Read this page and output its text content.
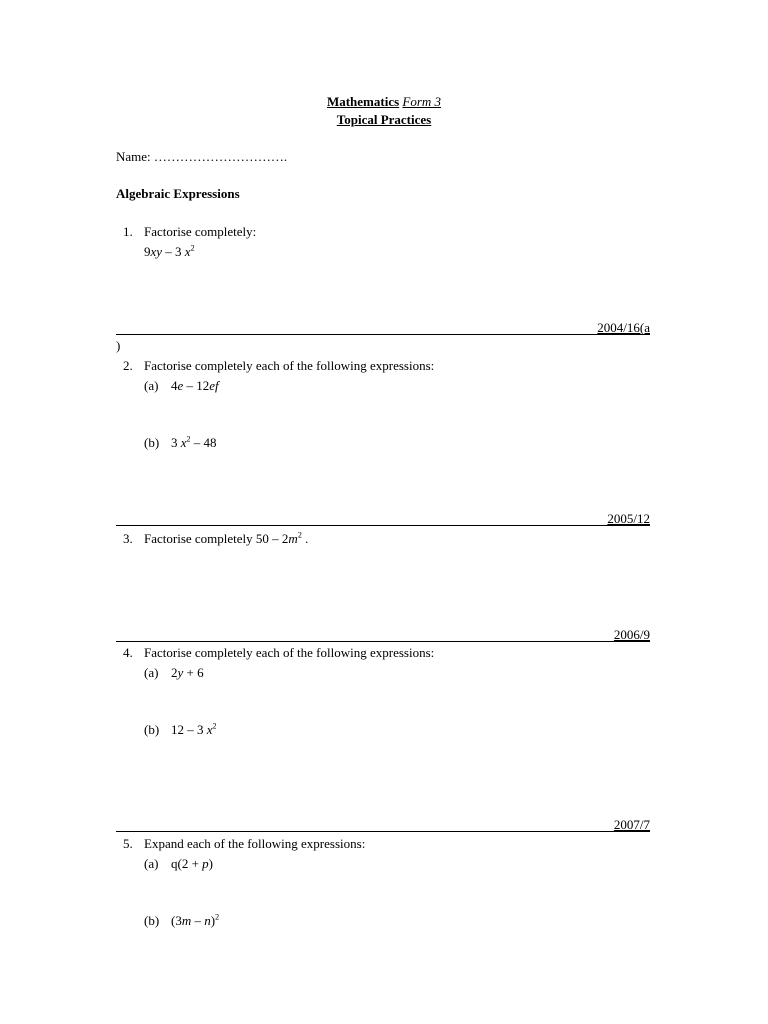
Mathematics Form 3
Topical Practices
Name: ………………………….
Algebraic Expressions
1. Factorise completely:
9xy – 3 $x^2$
2004/16(a
)
2. Factorise completely each of the following expressions:
(a) 4e – 12ef
(b) 3 $x^2 - 48$
2005/12
3. Factorise completely $50 - 2m^2$ .
2006/9
4. Factorise completely each of the following expressions:
(a) 2y + 6
(b) 12 – 3 $x^2$
2007/7
5. Expand each of the following expressions:
(a) q(2 + p)
(b) (3m – n)$^2$
